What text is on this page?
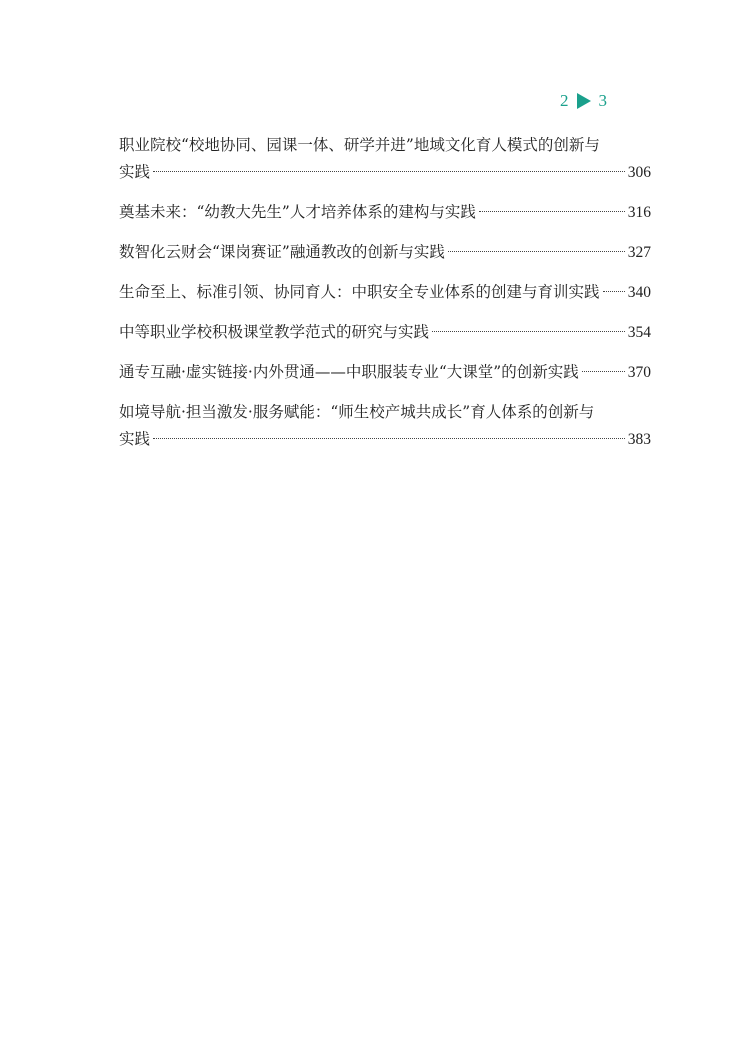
2 3
职业院校“校地协同、园课一体、研学并进”地域文化育人模式的创新与
实践	306
奠基未来：“幼教大先生”人才培养体系的建构与实践	316
数智化云财会“课岗赛证”融通教改的创新与实践	327
生命至上、标准引领、协同育人：中职安全专业体系的创建与育训实践 340
中等职业学校积极课堂教学范式的研究与实践	354
通专互融·虚实链接·内外贯通——中职服装专业“大课堂”的创新实践	370
如境导航·担当激发·服务赋能：“师生校产城共成长”育人体系的创新与
实践	383
